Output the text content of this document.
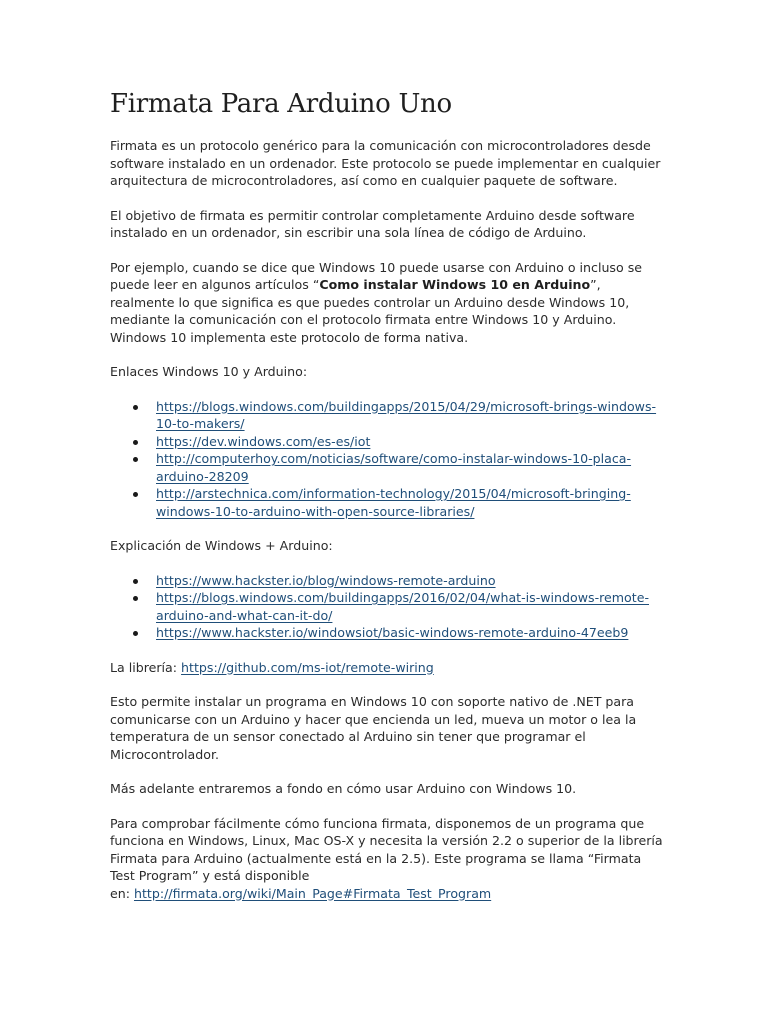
Firmata Para Arduino Uno

Firmata es un protocolo genérico para la comunicación con microcontroladores desde software instalado en un ordenador. Este protocolo se puede implementar en cualquier arquitectura de microcontroladores, así como en cualquier paquete de software.

El objetivo de firmata es permitir controlar completamente Arduino desde software instalado en un ordenador, sin escribir una sola línea de código de Arduino.

Por ejemplo, cuando se dice que Windows 10 puede usarse con Arduino o incluso se puede leer en algunos artículos “Como instalar Windows 10 en Arduino”, realmente lo que significa es que puedes controlar un Arduino desde Windows 10, mediante la comunicación con el protocolo firmata entre Windows 10 y Arduino. Windows 10 implementa este protocolo de forma nativa.

Enlaces Windows 10 y Arduino:

https://blogs.windows.com/buildingapps/2015/04/29/microsoft-brings-windows-10-to-makers/
https://dev.windows.com/es-es/iot
http://computerhoy.com/noticias/software/como-instalar-windows-10-placa-arduino-28209
http://arstechnica.com/information-technology/2015/04/microsoft-bringing-windows-10-to-arduino-with-open-source-libraries/

Explicación de Windows + Arduino:

https://www.hackster.io/blog/windows-remote-arduino
https://blogs.windows.com/buildingapps/2016/02/04/what-is-windows-remote-arduino-and-what-can-it-do/
https://www.hackster.io/windowsiot/basic-windows-remote-arduino-47eeb9

La librería: https://github.com/ms-iot/remote-wiring

Esto permite instalar un programa en Windows 10 con soporte nativo de .NET para comunicarse con un Arduino y hacer que encienda un led, mueva un motor o lea la temperatura de un sensor conectado al Arduino sin tener que programar el Microcontrolador.

Más adelante entraremos a fondo en cómo usar Arduino con Windows 10.

Para comprobar fácilmente cómo funciona firmata, disponemos de un programa que funciona en Windows, Linux, Mac OS-X y necesita la versión 2.2 o superior de la librería Firmata para Arduino (actualmente está en la 2.5). Este programa se llama “Firmata Test Program” y está disponible
en: http://firmata.org/wiki/Main_Page#Firmata_Test_Program
